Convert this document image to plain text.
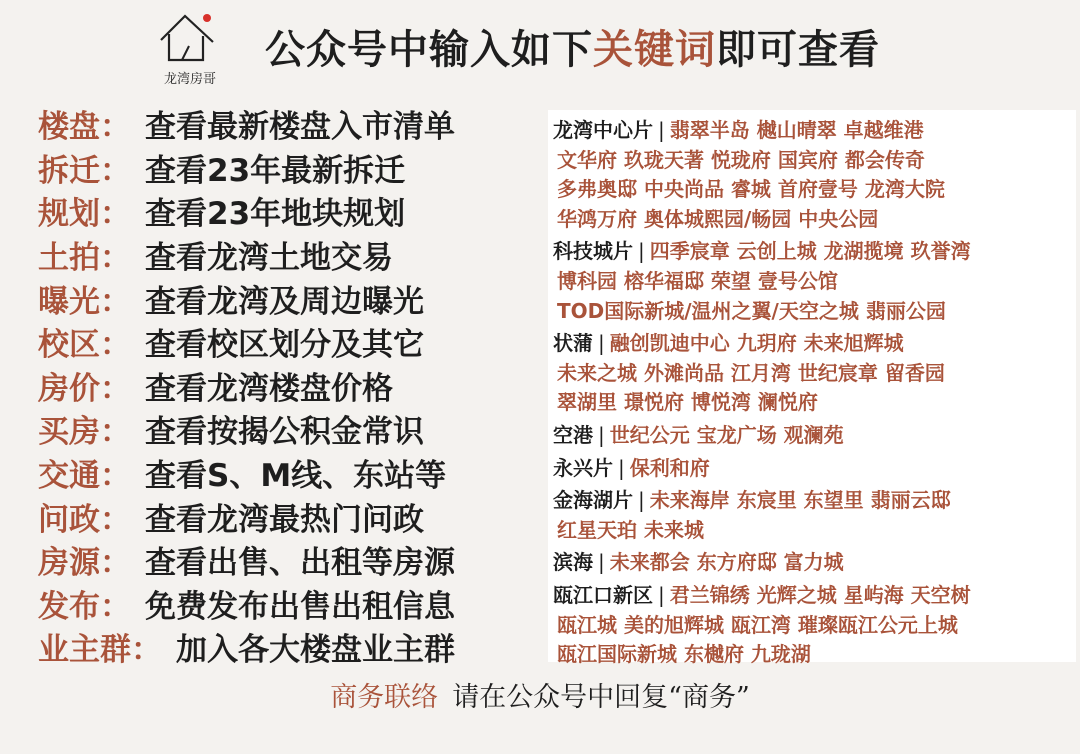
龙湾房哥
公众号中输入如下关键词即可查看
楼盘 ： 查看最新楼盘入市清单
拆迁 ： 查看23年最新拆迁
规划 ： 查看23年地块规划
土拍 ： 查看龙湾土地交易
曝光 ： 查看龙湾及周边曝光
校区 ： 查看校区划分及其它
房价 ： 查看龙湾楼盘价格
买房 ： 查看按揭公积金常识
交通 ： 查看S、M线、东站等
问政 ： 查看龙湾最热门问政
房源 ： 查看出售、出租等房源
发布 ： 免费发布出售出租信息
业主群 ： 加入各大楼盘业主群
龙湾中心片 | 翡翠半岛 樾山晴翠 卓越维港
文华府 玖珑天著 悦珑府 国宾府 都会传奇
多弗奥邸 中央尚品 睿城 首府壹号 龙湾大院
华鸿万府 奥体城熙园/畅园 中央公园
科技城片 | 四季宸章 云创上城 龙湖揽境 玖誉湾
博科园 榕华福邸 荣望 壹号公馆
TOD国际新城/温州之翼/天空之城 翡丽公园
状蒲 | 融创凯迪中心 九玥府 未来旭辉城
未来之城 外滩尚品 江月湾 世纪宸章 留香园
翠湖里 璟悦府 博悦湾 澜悦府
空港 | 世纪公元 宝龙广场 观澜苑
永兴片 | 保利和府
金海湖片 | 未来海岸 东宸里 东望里 翡丽云邸
红星天珀 未来城
滨海 | 未来都会 东方府邸 富力城
瓯江口新区 | 君兰锦绣 光辉之城 星屿海 天空树
瓯江城 美的旭辉城 瓯江湾 璀璨瓯江公元上城
瓯江国际新城 东樾府 九珑湖
商务联络 请在公众号中回复“商务”
